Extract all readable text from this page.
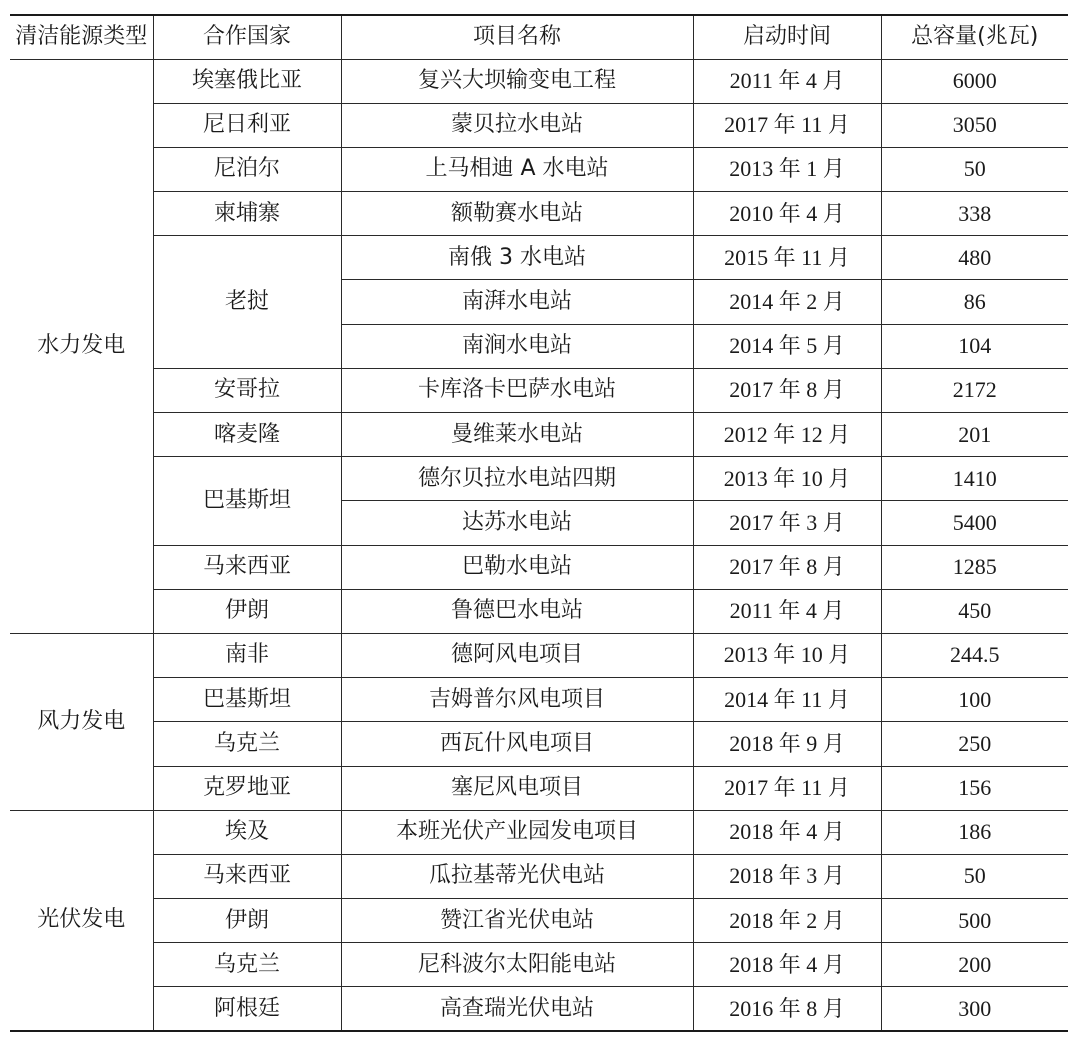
清洁能源类型	合作国家	项目名称	启动时间	总容量(兆瓦)
水力发电	埃塞俄比亚	复兴大坝输变电工程	2011 年 4 月	6000
	尼日利亚	蒙贝拉水电站	2017 年 11 月	3050
	尼泊尔	上马相迪 A 水电站	2013 年 1 月	50
	柬埔寨	额勒赛水电站	2010 年 4 月	338
	老挝	南俄 3 水电站	2015 年 11 月	480
		南湃水电站	2014 年 2 月	86
		南涧水电站	2014 年 5 月	104
	安哥拉	卡库洛卡巴萨水电站	2017 年 8 月	2172
	喀麦隆	曼维莱水电站	2012 年 12 月	201
	巴基斯坦	德尔贝拉水电站四期	2013 年 10 月	1410
		达苏水电站	2017 年 3 月	5400
	马来西亚	巴勒水电站	2017 年 8 月	1285
	伊朗	鲁德巴水电站	2011 年 4 月	450
风力发电	南非	德阿风电项目	2013 年 10 月	244.5
	巴基斯坦	吉姆普尔风电项目	2014 年 11 月	100
	乌克兰	西瓦什风电项目	2018 年 9 月	250
	克罗地亚	塞尼风电项目	2017 年 11 月	156
光伏发电	埃及	本班光伏产业园发电项目	2018 年 4 月	186
	马来西亚	瓜拉基蒂光伏电站	2018 年 3 月	50
	伊朗	赞江省光伏电站	2018 年 2 月	500
	乌克兰	尼科波尔太阳能电站	2018 年 4 月	200
	阿根廷	高查瑞光伏电站	2016 年 8 月	300
